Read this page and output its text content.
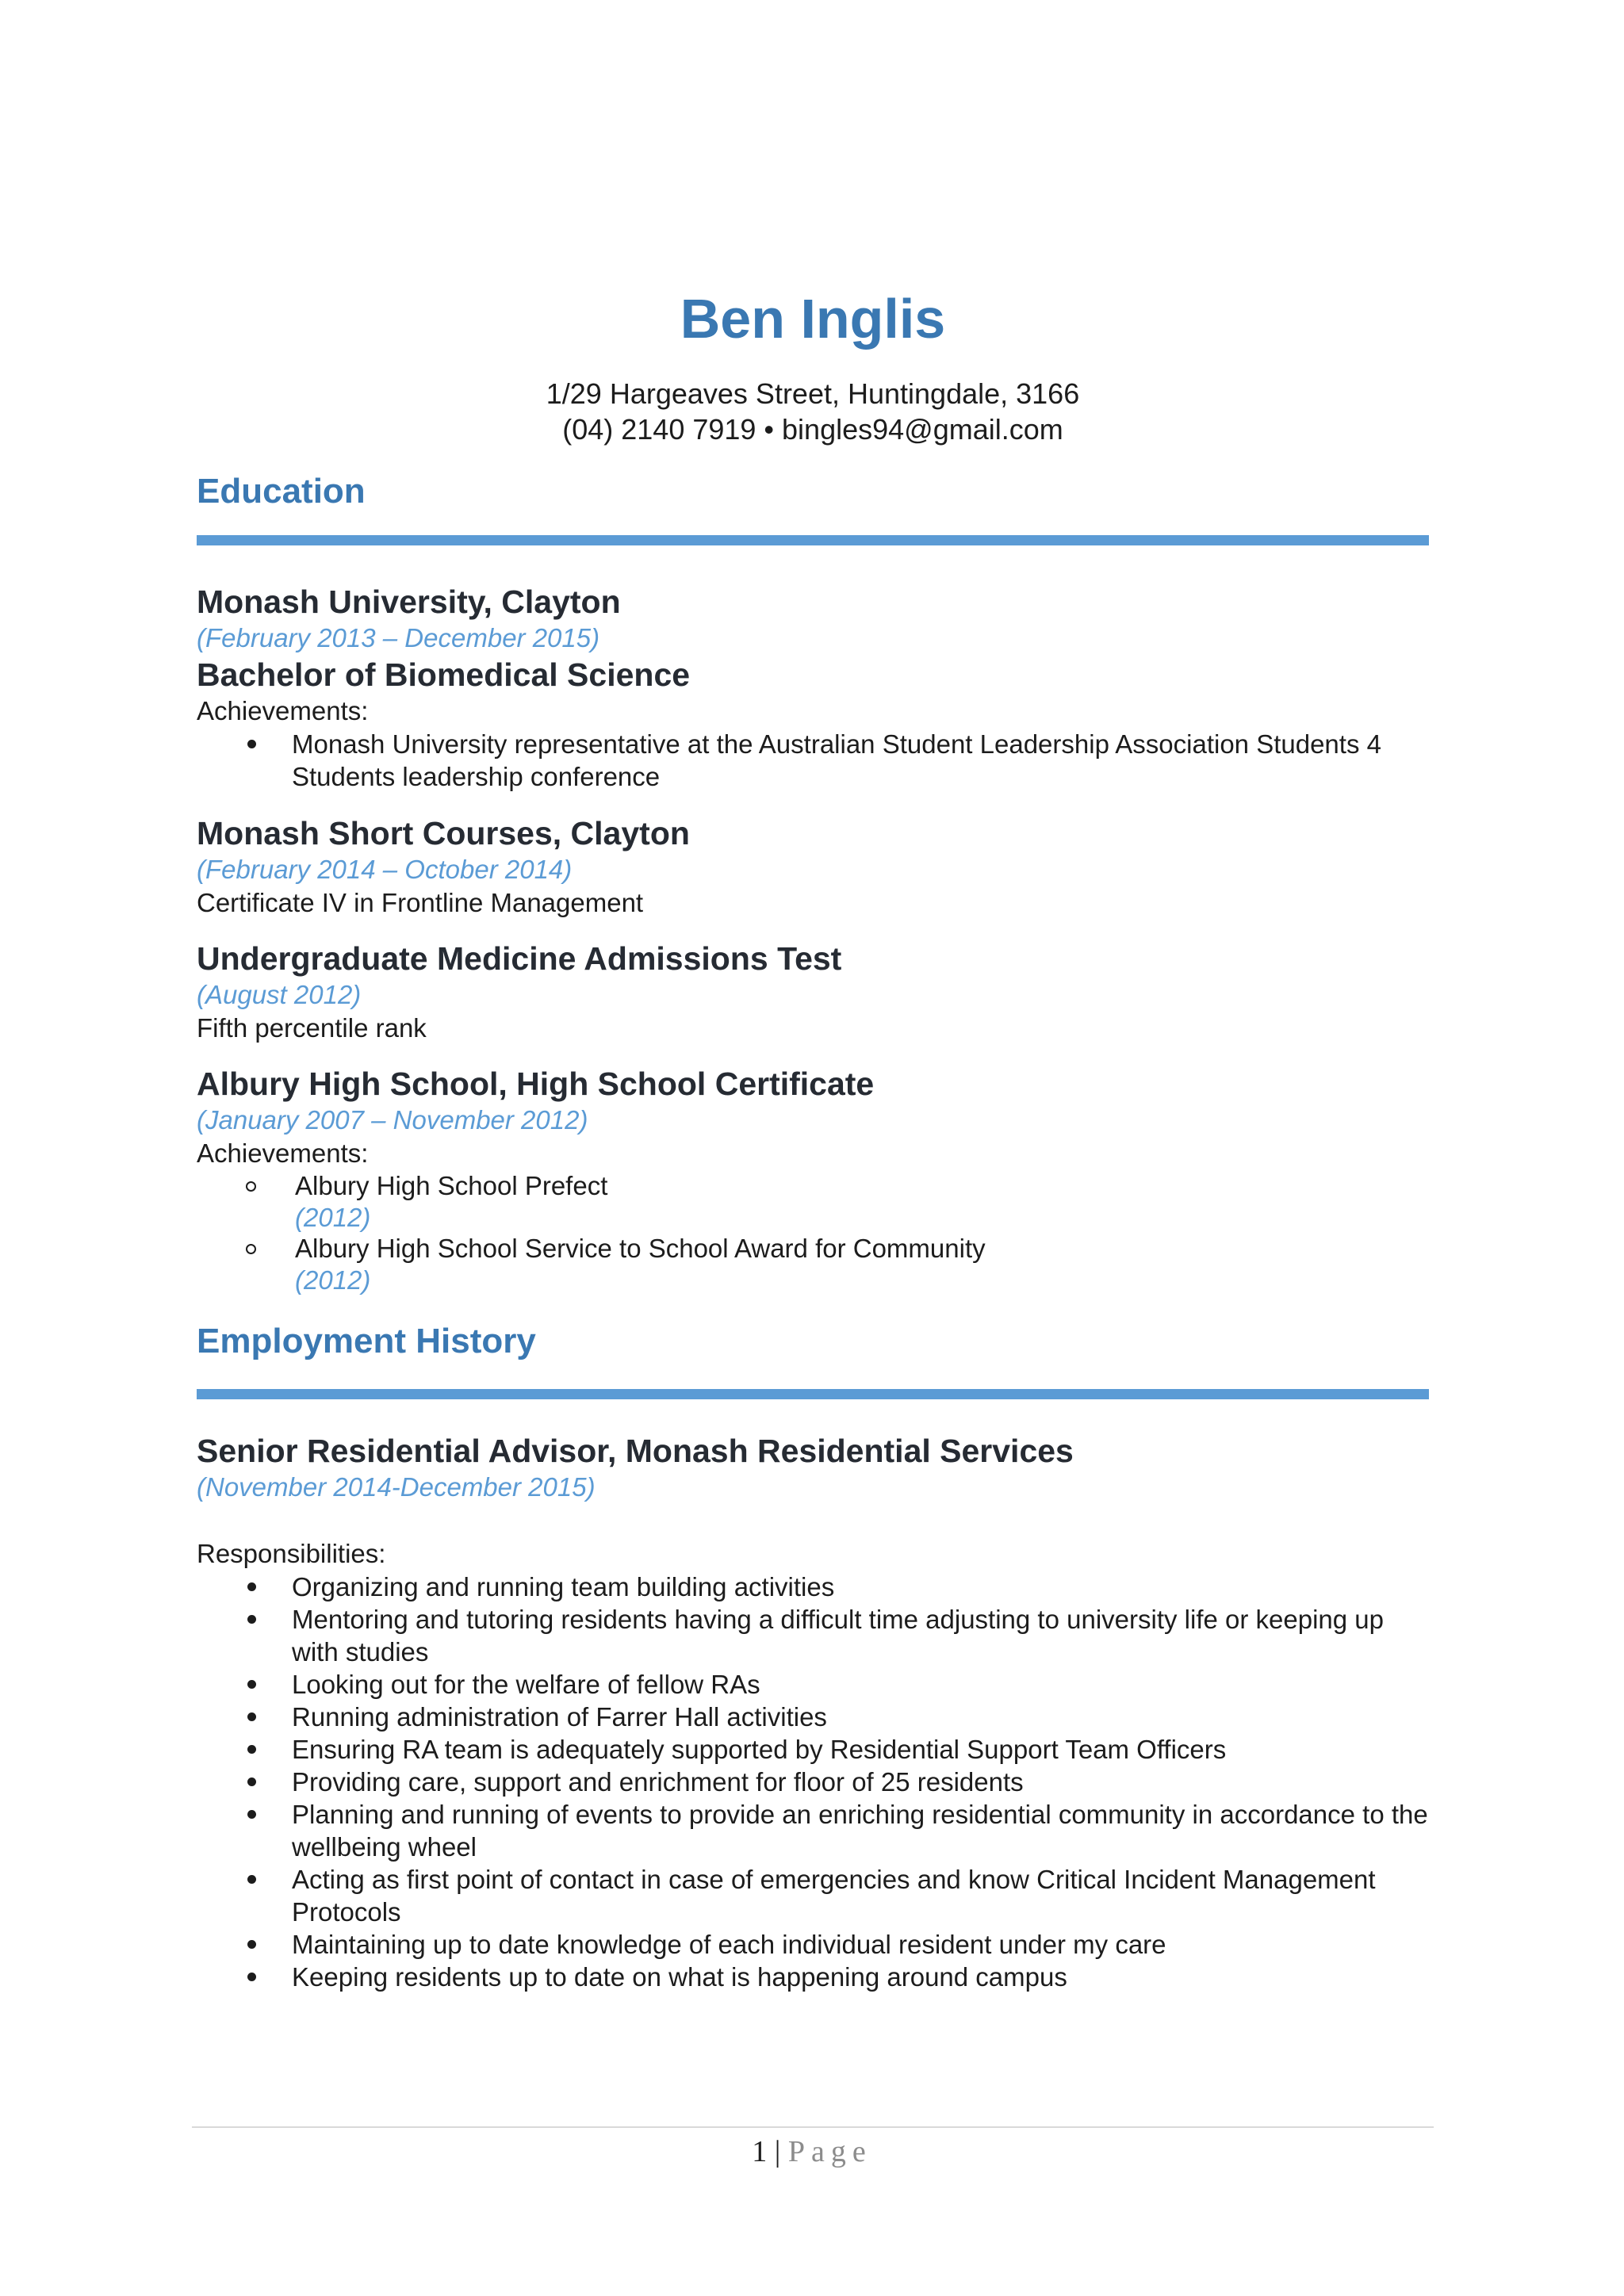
Ben Inglis
1/29 Hargeaves Street, Huntingdale, 3166
(04) 2140 7919 • bingles94@gmail.com
Education
Monash University, Clayton
(February 2013 – December 2015)
Bachelor of Biomedical Science
Achievements:
Monash University representative at the Australian Student Leadership Association Students 4 Students leadership conference
Monash Short Courses, Clayton
(February 2014 – October 2014)
Certificate IV in Frontline Management
Undergraduate Medicine Admissions Test
(August 2012)
Fifth percentile rank
Albury High School, High School Certificate
(January 2007 – November 2012)
Achievements:
Albury High School Prefect
(2012)
Albury High School Service to School Award for Community
(2012)
Employment History
Senior Residential Advisor, Monash Residential Services
(November 2014-December 2015)
Responsibilities:
Organizing and running team building activities
Mentoring and tutoring residents having a difficult time adjusting to university life or keeping up with studies
Looking out for the welfare of fellow RAs
Running administration of Farrer Hall activities
Ensuring RA team is adequately supported by Residential Support Team Officers
Providing care, support and enrichment for floor of 25 residents
Planning and running of events to provide an enriching residential community in accordance to the wellbeing wheel
Acting as first point of contact in case of emergencies and know Critical Incident Management Protocols
Maintaining up to date knowledge of each individual resident under my care
Keeping residents up to date on what is happening around campus
1 | Page
